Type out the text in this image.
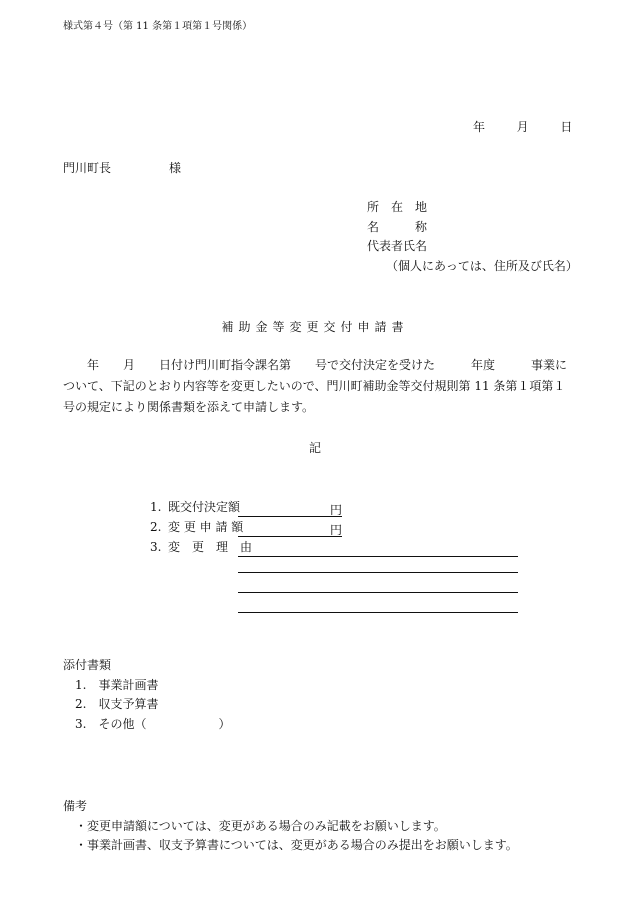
様式第４号（第 11 条第１項第１号関係）
年	月	日
門川町長	様
所　在　地
名　　　称
代表者氏名
（個人にあっては、住所及び氏名）
補助金等変更交付申請書
　　年　　月　　日付け門川町指令課名第　　号で交付決定を受けた　　　年度　　　事業について、下記のとおり内容等を変更したいので、門川町補助金等交付規則第 11 条第１項第１号の規定により関係書類を添えて申請します。
記
1. 既交付決定額	円
2. 変 更 申 請 額	円
3. 変　更　理　由
添付書類
1.　事業計画書
2.　収支予算書
3.　その他（　　　　　　）
備考
・変更申請額については、変更がある場合のみ記載をお願いします。
・事業計画書、収支予算書については、変更がある場合のみ提出をお願いします。
